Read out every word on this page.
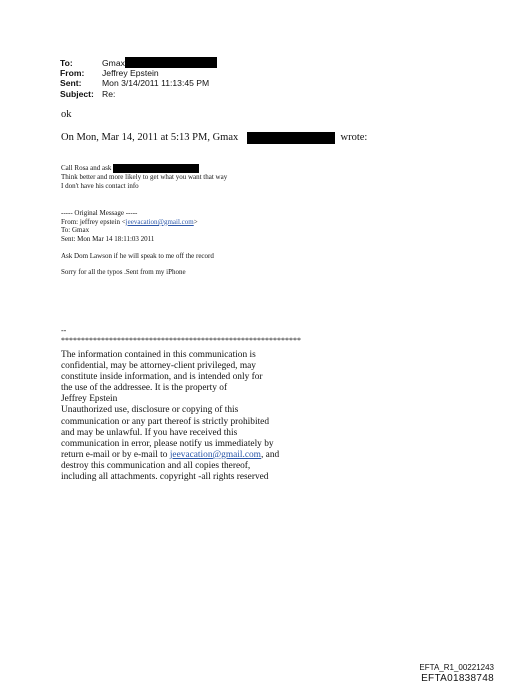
To:	Gmax
From:	Jeffrey Epstein
Sent:	Mon 3/14/2011 11:13:45 PM
Subject: Re:
ok
On Mon, Mar 14, 2011 at 5:13 PM, Gmax	wrote:

Call Rosa and ask

Think better and more likely to get what you want that way

I don't have his contact info

----- Original Message -----

From: jeffrey epstein <jeevacation@gmail.com>

To: Gmax

Sent: Mon Mar 14 18:11:03 2011

Ask Dom Lawson if he will speak to me off the record

Sorry for all the typos .Sent from my iPhone

--
************************************************************

The information contained in this communication is

confidential, may be attorney-client privileged, may

constitute inside information, and is intended only for

the use of the addressee. It is the property of

Jeffrey Epstein

Unauthorized use, disclosure or copying of this

communication or any part thereof is strictly prohibited

and may be unlawful. If you have received this

communication in error, please notify us immediately by

return e-mail or by e-mail to jeevacation@gmail.com, and

destroy this communication and all copies thereof,

including all attachments. copyright -all rights reserved

EFTA_R1_00221243
EFTA01838748
